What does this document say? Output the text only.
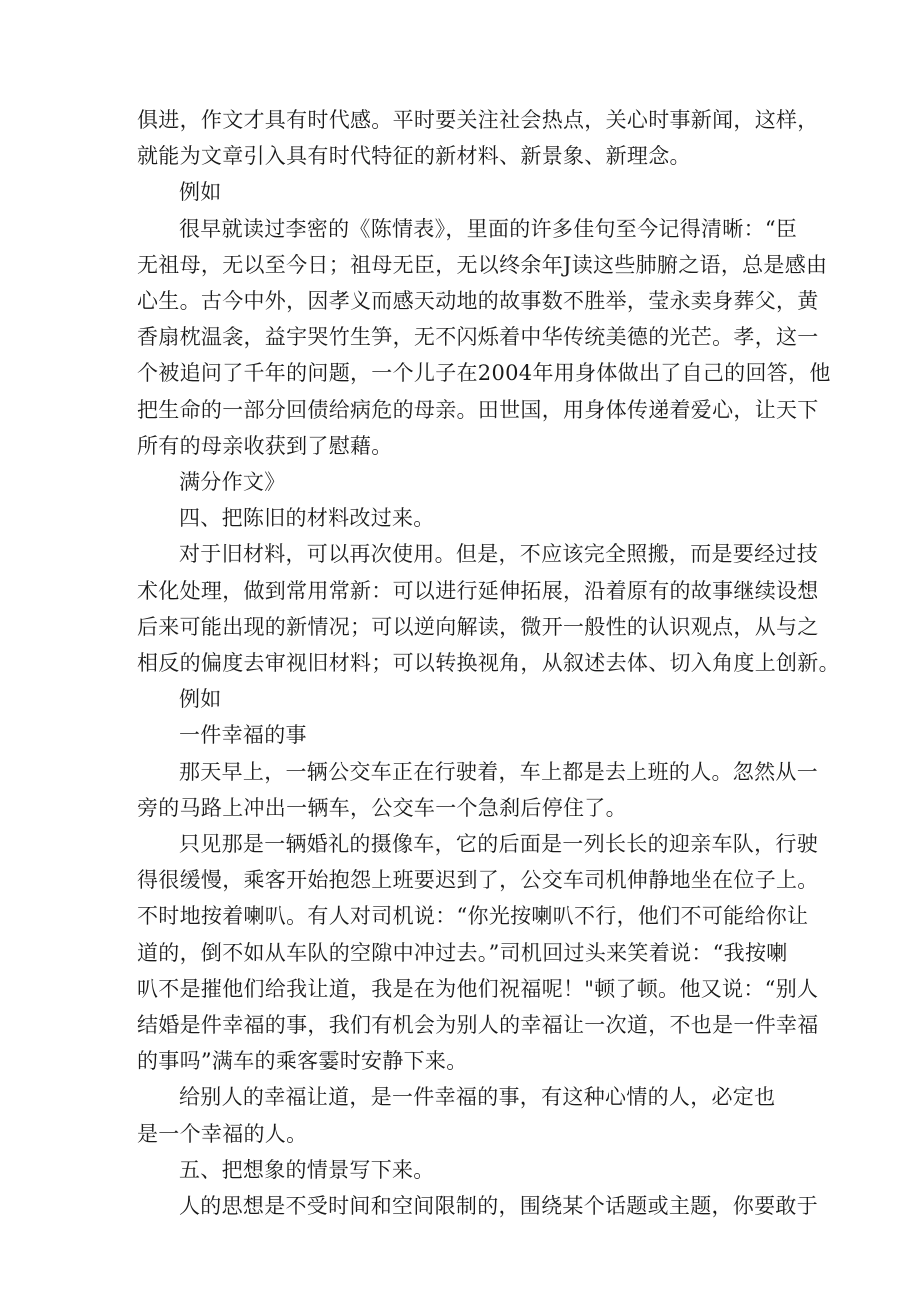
俱进，作文才具有时代感。平时要关注社会热点，关心时事新闻，这样，
就能为文章引入具有时代特征的新材料、新景象、新理念。

例如

很早就读过李密的《陈情表》，里面的许多佳句至今记得清晰：“臣
无祖母，无以至今日；祖母无臣，无以终余年J读这些肺腑之语，总是感由
心生。古今中外，因孝义而感天动地的故事数不胜举，莹永卖身葬父，黄
香扇枕温衾，益宇哭竹生笋，无不闪烁着中华传统美德的光芒。孝，这一
个被追问了千年的问题，一个儿子在2004年用身体做出了自己的回答，他
把生命的一部分回债给病危的母亲。田世国，用身体传递着爱心，让天下
所有的母亲收获到了慰藉。

满分作文》

四、把陈旧的材料改过来。

对于旧材料，可以再次使用。但是，不应该完全照搬，而是要经过技
术化处理，做到常用常新：可以进行延伸拓展，沿着原有的故事继续设想
后来可能出现的新情况；可以逆向解读，微开一般性的认识观点，从与之
相反的偏度去审视旧材料；可以转换视角，从叙述去体、切入角度上创新。

例如

一件幸福的事

那天早上，一辆公交车正在行驶着，车上都是去上班的人。忽然从一
旁的马路上冲出一辆车，公交车一个急刹后停住了。

只见那是一辆婚礼的摄像车，它的后面是一列长长的迎亲车队，行驶
得很缓慢，乘客开始抱怨上班要迟到了，公交车司机伸静地坐在位子上。
不时地按着喇叭。有人对司机说：“你光按喇叭不行，他们不可能给你让
道的，倒不如从车队的空隙中冲过去。”司机回过头来笑着说：“我按喇
叭不是摧他们给我让道，我是在为他们祝福呢！"顿了顿。他又说：“别人
结婚是件幸福的事，我们有机会为别人的幸福让一次道，不也是一件幸福
的事吗”满车的乘客霎时安静下来。

给别人的幸福让道，是一件幸福的事，有这种心情的人，必定也
是一个幸福的人。

五、把想象的情景写下来。

人的思想是不受时间和空间限制的，围绕某个话题或主题，你要敢于
